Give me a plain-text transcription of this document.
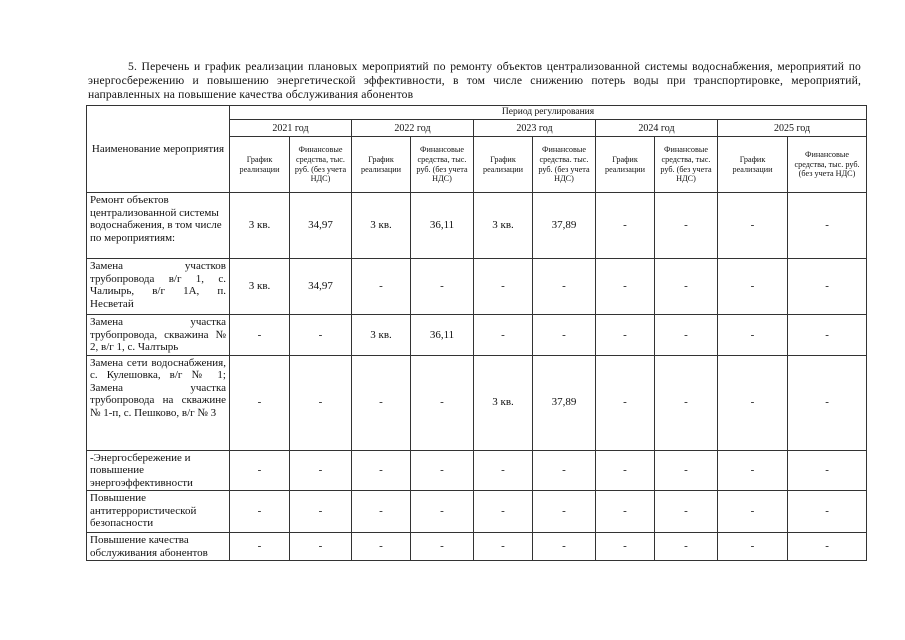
5. Перечень и график реализации плановых мероприятий по ремонту объектов централизованной системы водоснабжения, мероприятий по энергосбережению и повышению энергетической эффективности, в том числе снижению потерь воды при транспортировке, мероприятий, направленных на повышение качества обслуживания абонентов
Наименование мероприятия	Период регулирования									
	2021 год		2022 год		2023 год		2024 год		2025 год	
	График реализации	Финансовые средства, тыс. руб. (без учета НДС)	График реализации	Финансовые средства, тыс. руб. (без учета НДС)	График реализации	Финансовые средства. тыс. руб. (без учета НДС)	График реализации	Финансовые средства, тыс. руб. (без учета НДС)	График реализации	Финансовые средства, тыс. руб. (без учета НДС)
Ремонт объектов централизованной системы водоснабжения, в том числе по мероприятиям:	3 кв.	34,97	3 кв.	36,11	3 кв.	37,89	-	-	-	-
Замена участков трубопровода в/г 1, с. Чалиырь, в/г 1А, п. Несветай	3 кв.	34,97	-	-	-	-	-	-	-	-
Замена участка трубопровода, скважина № 2, в/г 1, с. Чалтырь	-	-	3 кв.	36,11	-	-	-	-	-	-
Замена сети водоснабжения, с. Кулешовка, в/г № 1; Замена участка трубопровода на скважине № 1-п, с. Пешково, в/г № 3	-	-	-	-	3 кв.	37,89	-	-	-	-
-Энергосбережение и повышение энергоэффективности	-	-	-	-	-	-	-	-	-	-
Повышение антитеррористической безопасности	-	-	-	-	-	-	-	-	-	-
Повышение качества обслуживания абонентов	-	-	-	-	-	-	-	-	-	-
